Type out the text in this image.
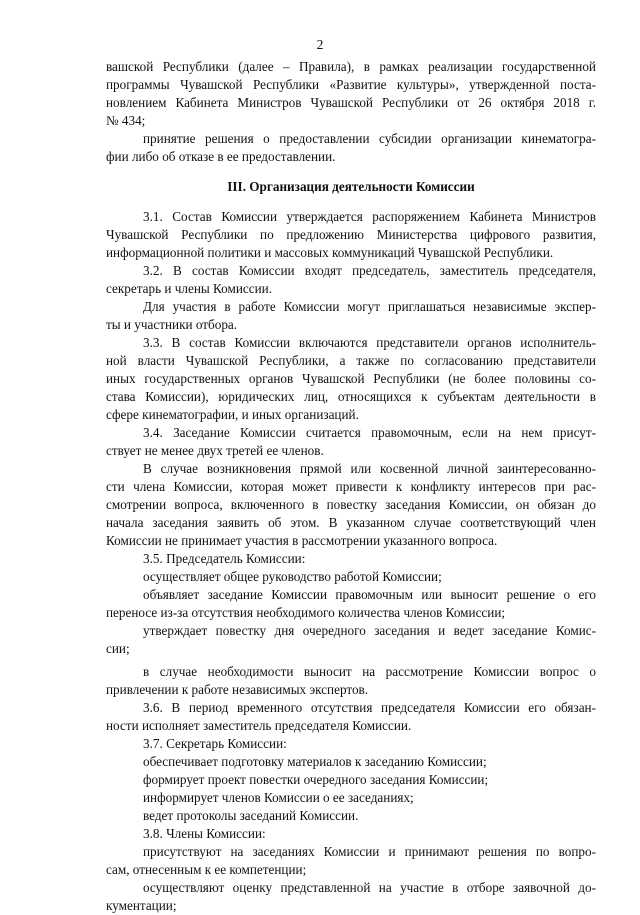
2
вашской Республики (далее – Правила), в рамках реализации государственной
программы Чувашской Республики «Развитие культуры», утвержденной поста-
новлением Кабинета Министров Чувашской Республики от 26 октября 2018 г.
№ 434;
принятие решения о предоставлении субсидии организации кинематогра-
фии либо об отказе в ее предоставлении.
III. Организация деятельности Комиссии
3.1. Состав Комиссии утверждается распоряжением Кабинета Министров
Чувашской Республики по предложению Министерства цифрового развития,
информационной политики и массовых коммуникаций Чувашской Республики.
3.2. В состав Комиссии входят председатель, заместитель председателя,
секретарь и члены Комиссии.
Для участия в работе Комиссии могут приглашаться независимые экспер-
ты и участники отбора.
3.3. В состав Комиссии включаются представители органов исполнитель-
ной власти Чувашской Республики, а также по согласованию представители
иных государственных органов Чувашской Республики (не более половины со-
става Комиссии), юридических лиц, относящихся к субъектам деятельности в
сфере кинематографии, и иных организаций.
3.4. Заседание Комиссии считается правомочным, если на нем присут-
ствует не менее двух третей ее членов.
В случае возникновения прямой или косвенной личной заинтересованно-
сти члена Комиссии, которая может привести к конфликту интересов при рас-
смотрении вопроса, включенного в повестку заседания Комиссии, он обязан до
начала заседания заявить об этом. В указанном случае соответствующий член
Комиссии не принимает участия в рассмотрении указанного вопроса.
3.5. Председатель Комиссии:
осуществляет общее руководство работой Комиссии;
объявляет заседание Комиссии правомочным или выносит решение о его
переносе из-за отсутствия необходимого количества членов Комиссии;
утверждает повестку дня очередного заседания и ведет заседание Комис-
сии;
в случае необходимости выносит на рассмотрение Комиссии вопрос о
привлечении к работе независимых экспертов.
3.6. В период временного отсутствия председателя Комиссии его обязан-
ности исполняет заместитель председателя Комиссии.
3.7. Секретарь Комиссии:
обеспечивает подготовку материалов к заседанию Комиссии;
формирует проект повестки очередного заседания Комиссии;
информирует членов Комиссии о ее заседаниях;
ведет протоколы заседаний Комиссии.
3.8. Члены Комиссии:
присутствуют на заседаниях Комиссии и принимают решения по вопро-
сам, отнесенным к ее компетенции;
осуществляют оценку представленной на участие в отборе заявочной до-
кументации;
